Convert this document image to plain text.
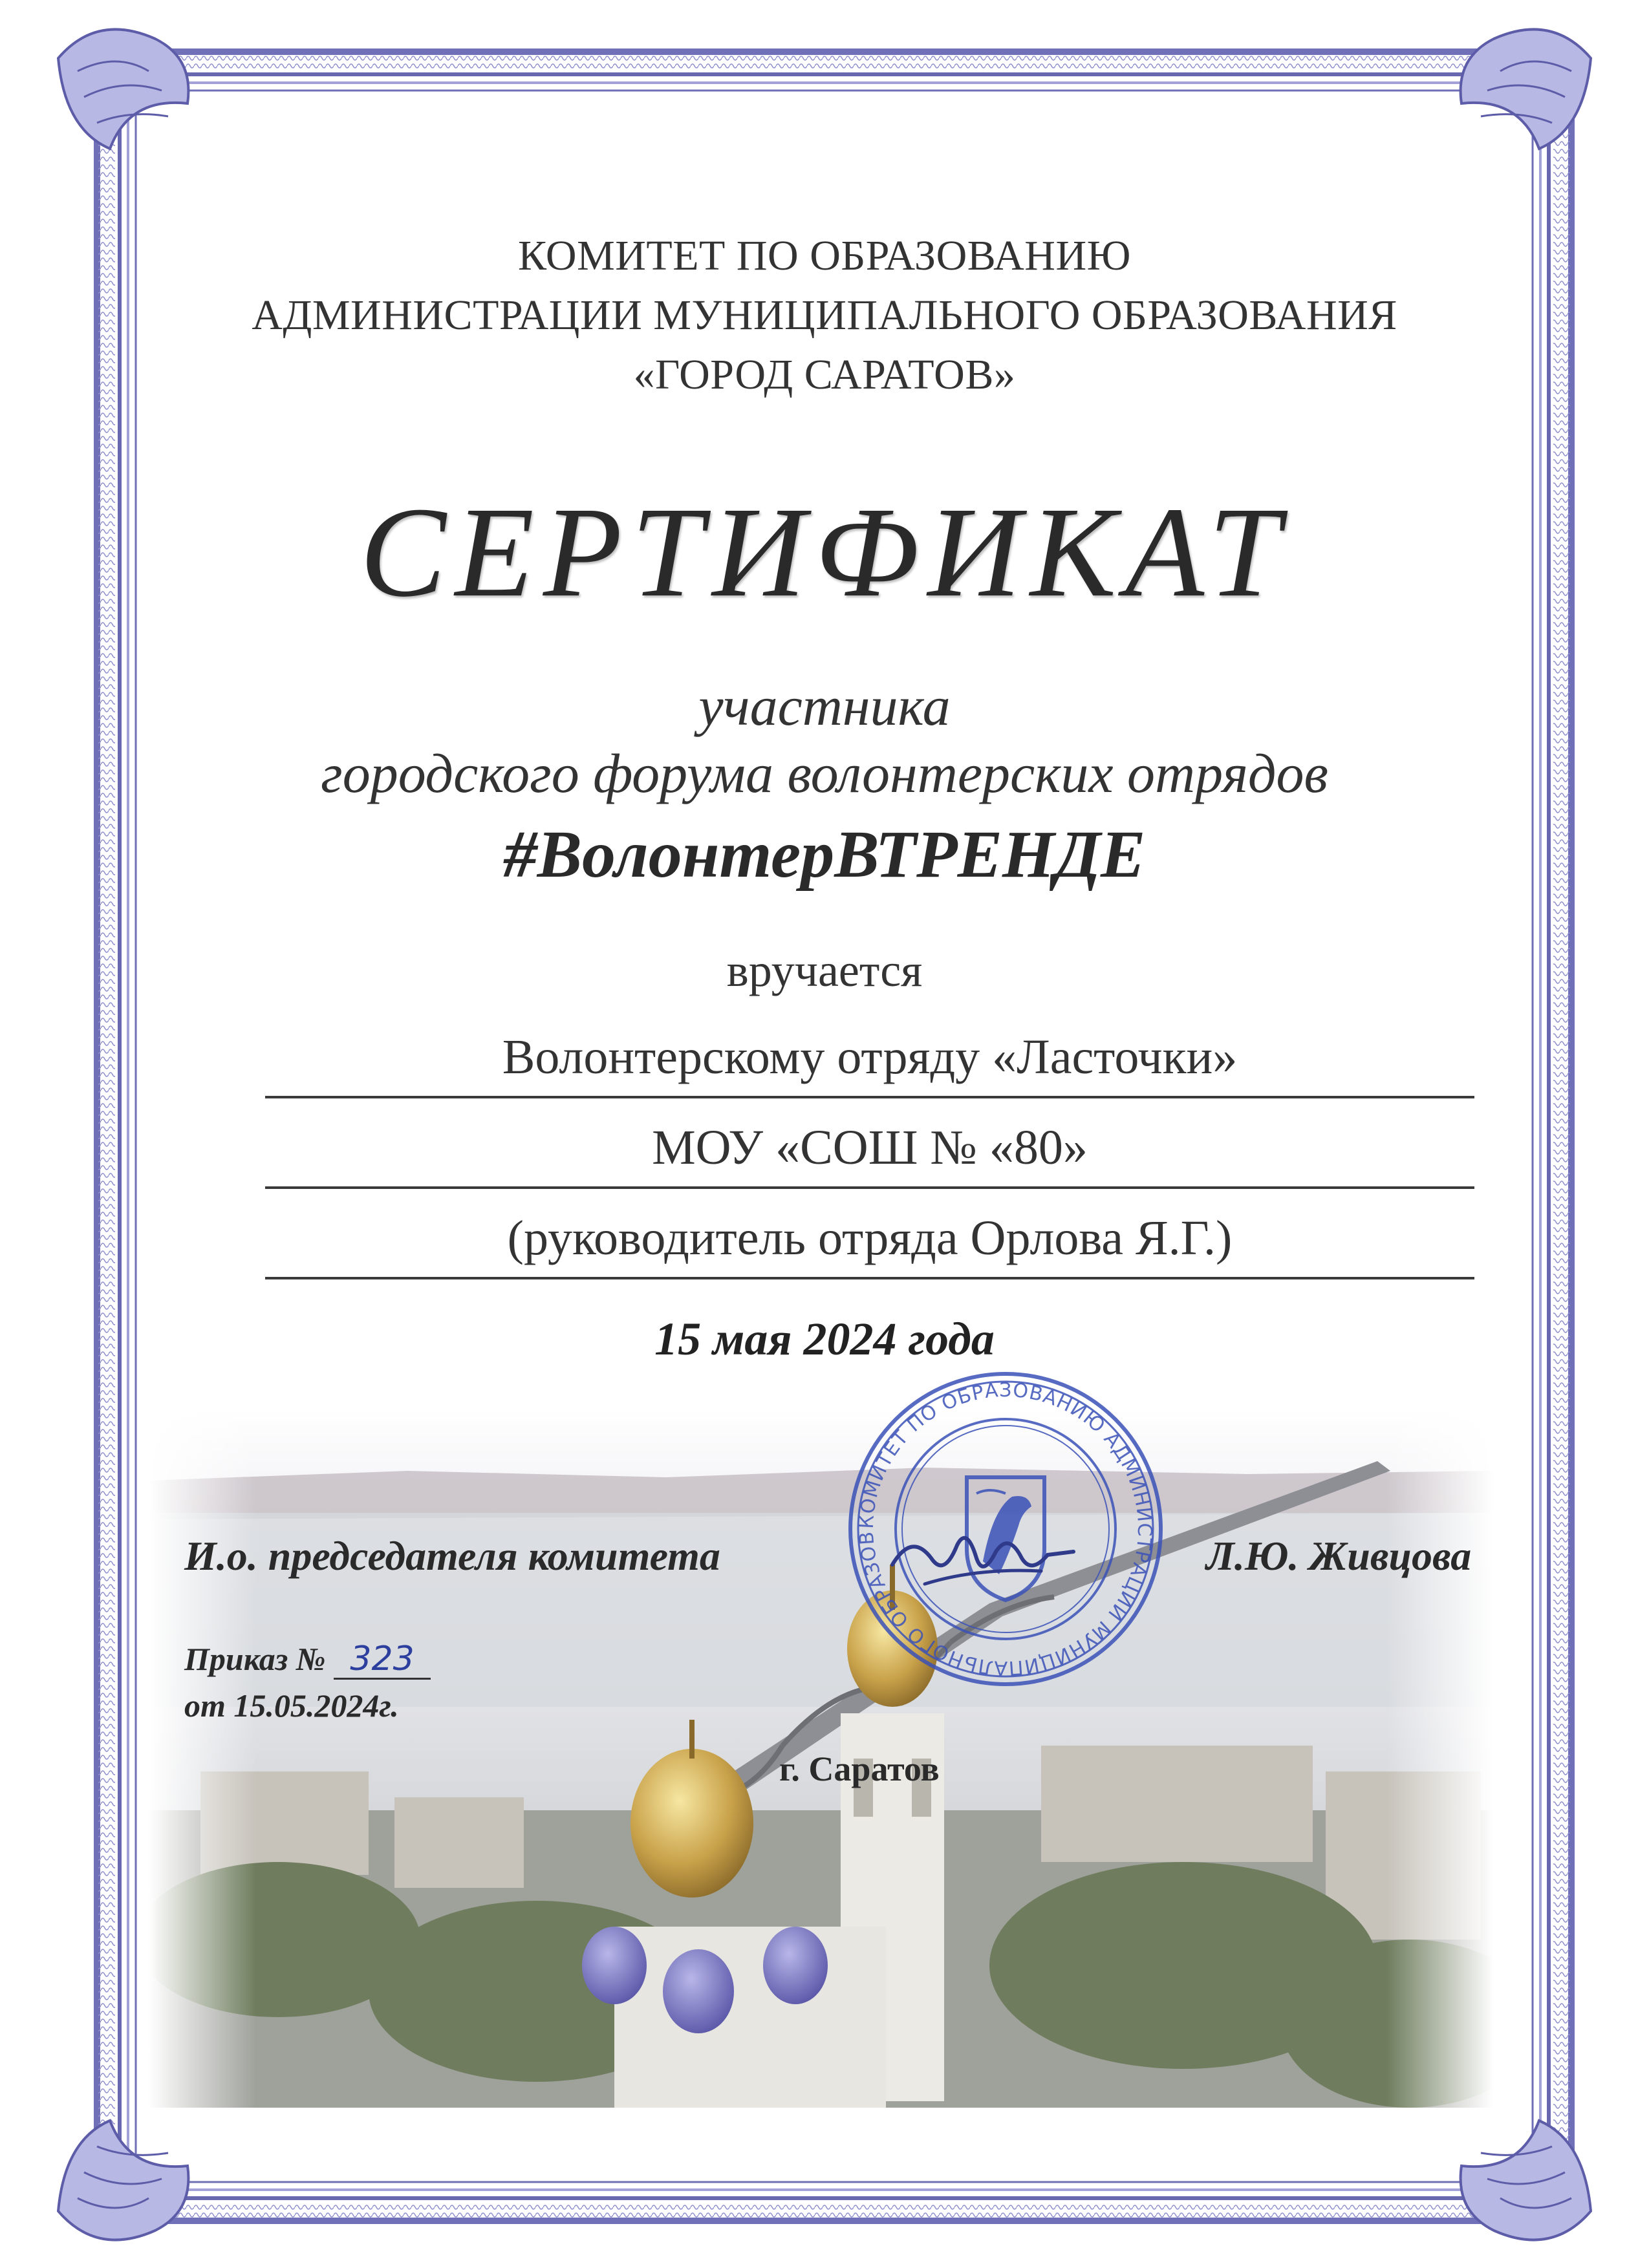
КОМИТЕТ ПО ОБРАЗОВАНИЮ
АДМИНИСТРАЦИИ МУНИЦИПАЛЬНОГО ОБРАЗОВАНИЯ
«ГОРОД САРАТОВ»
СЕРТИФИКАТ
участника
городского форума волонтерских отрядов
#ВолонтерВТРЕНДЕ
вручается
Волонтерскому отряду «Ласточки»
МОУ «СОШ № «80»
(руководитель отряда Орлова Я.Г.)
15 мая 2024 года
И.о. председателя комитета	Л.Ю. Живцова
КОМИТЕТ ПО ОБРАЗОВАНИЮ АДМИНИСТРАЦИИ МУНИЦИПАЛЬНОГО ОБРАЗОВ
Приказ № 323
от 15.05.2024г.
г. Саратов
